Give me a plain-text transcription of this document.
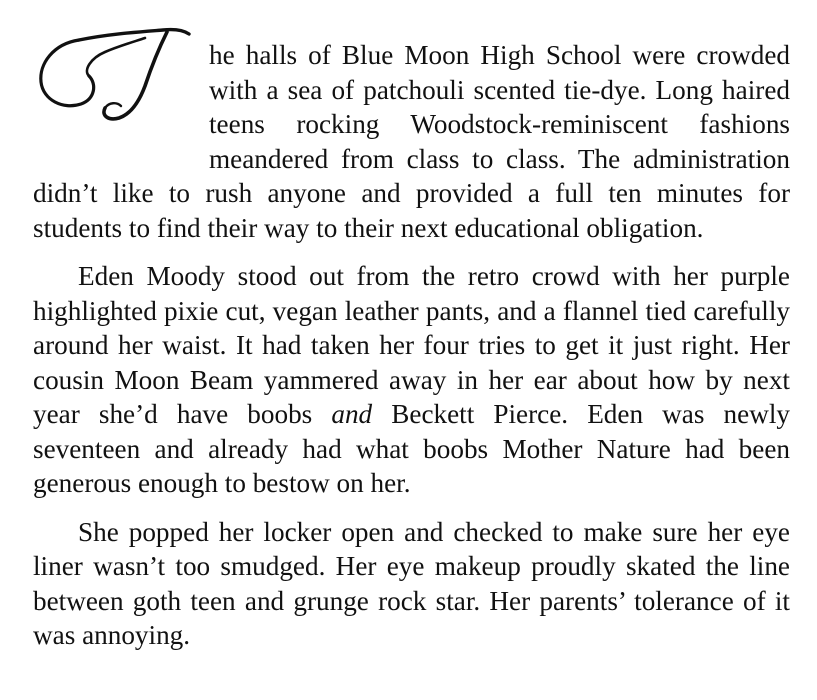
he halls of Blue Moon High School were crowded with a sea of patchouli scented tie-dye. Long haired teens rocking Woodstock-reminiscent fashions meandered from class to class. The administration didn’t like to rush anyone and provided a full ten minutes for students to find their way to their next educational obligation.

Eden Moody stood out from the retro crowd with her purple highlighted pixie cut, vegan leather pants, and a flannel tied carefully around her waist. It had taken her four tries to get it just right. Her cousin Moon Beam yammered away in her ear about how by next year she’d have boobs and Beckett Pierce. Eden was newly seventeen and already had what boobs Mother Nature had been generous enough to bestow on her.

She popped her locker open and checked to make sure her eye liner wasn’t too smudged. Her eye makeup proudly skated the line between goth teen and grunge rock star. Her parents’ tolerance of it was annoying.
